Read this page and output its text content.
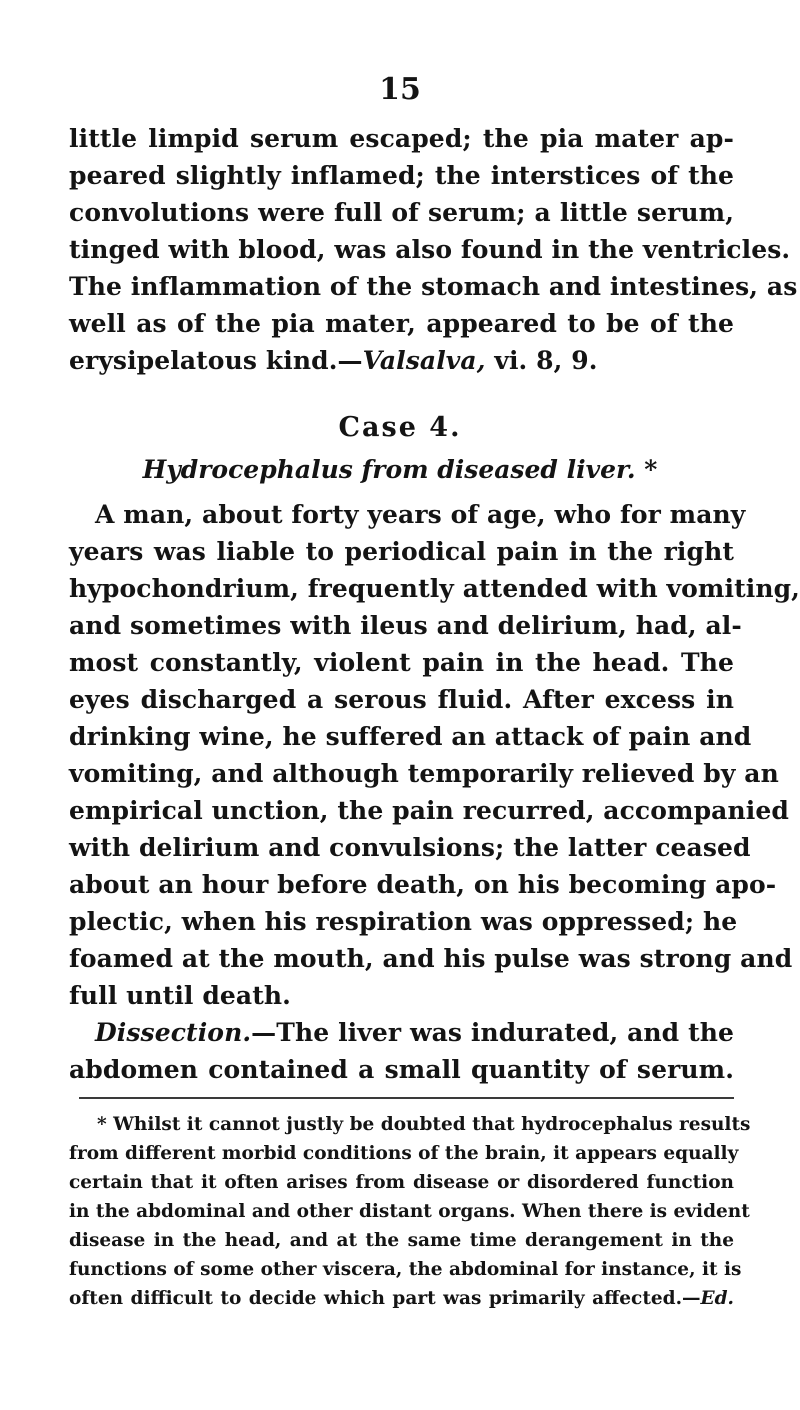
15
little limpid serum escaped; the pia mater ap-
peared slightly inflamed; the interstices of the
convolutions were full of serum; a little serum,
tinged with blood, was also found in the ventricles.
The inflammation of the stomach and intestines, as
well as of the pia mater, appeared to be of the
erysipelatous kind.—Valsalva, vi. 8, 9.
Case 4.
Hydrocephalus from diseased liver. *
A man, about forty years of age, who for many
years was liable to periodical pain in the right
hypochondrium, frequently attended with vomiting,
and sometimes with ileus and delirium, had, al-
most constantly, violent pain in the head. The
eyes discharged a serous fluid. After excess in
drinking wine, he suffered an attack of pain and
vomiting, and although temporarily relieved by an
empirical unction, the pain recurred, accompanied
with delirium and convulsions; the latter ceased
about an hour before death, on his becoming apo-
plectic, when his respiration was oppressed; he
foamed at the mouth, and his pulse was strong and
full until death.
Dissection.—The liver was indurated, and the
abdomen contained a small quantity of serum.
* Whilst it cannot justly be doubted that hydrocephalus results
from different morbid conditions of the brain, it appears equally
certain that it often arises from disease or disordered function
in the abdominal and other distant organs. When there is evident
disease in the head, and at the same time derangement in the
functions of some other viscera, the abdominal for instance, it is
often difficult to decide which part was primarily affected.—Ed.
